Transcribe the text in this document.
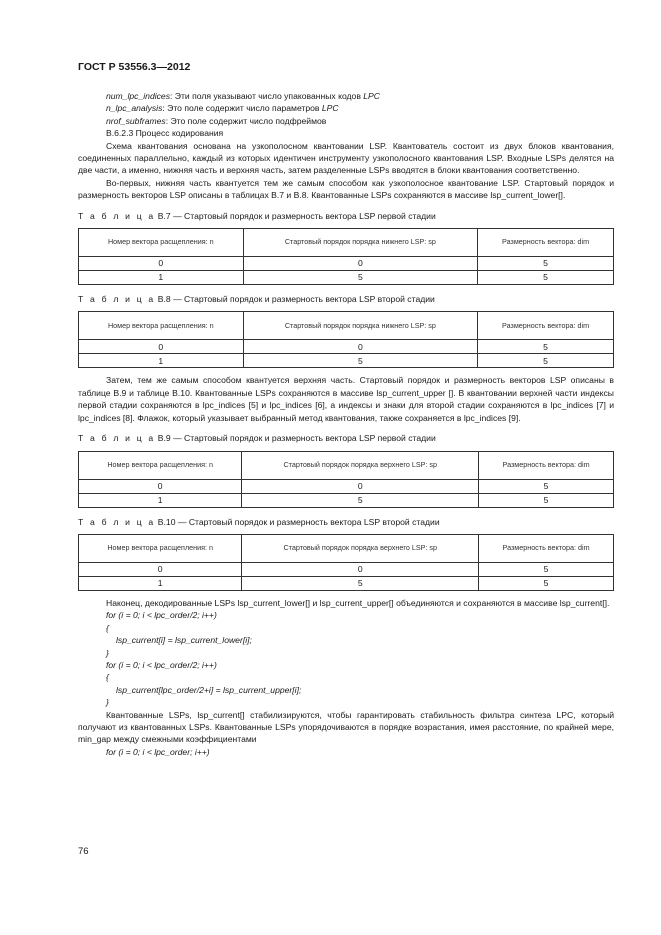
ГОСТ Р 53556.3—2012

num_lpc_indices: Эти поля указывают число упакованных кодов LPC

n_lpc_analysis: Это поле содержит число параметров LPC

nrof_subframes: Это поле содержит число подфреймов

B.6.2.3 Процесс кодирования

Схема квантования основана на узкополосном квантовании LSP. Квантователь состоит из двух блоков квантования, соединенных параллельно, каждый из которых идентичен инструменту узкополосного квантования LSP. Входные LSPs делятся на две части, а именно, нижняя часть и верхняя часть, затем разделенные LSPs вводятся в блоки квантования соответственно.

Во-первых, нижняя часть квантуется тем же самым способом как узкополосное квантование LSP. Стартовый порядок и размерность векторов LSP описаны в таблицах B.7 и B.8. Квантованные LSPs сохраняются в массиве lsp_current_lower[].

Т а б л и ц а B.7 — Стартовый порядок и размерность вектора LSP первой стадии

Номер вектора расщепления: n	Стартовый порядок порядка нижнего LSP: sp	Размерность вектора: dim
0	0	5
1	5	5

Т а б л и ц а B.8 — Стартовый порядок и размерность вектора LSP второй стадии

Номер вектора расщепления: n	Стартовый порядок порядка нижнего LSP: sp	Размерность вектора: dim
0	0	5
1	5	5

Затем, тем же самым способом квантуется верхняя часть. Стартовый порядок и размерность векторов LSP описаны в таблице B.9 и таблице B.10. Квантованные LSPs сохраняются в массиве lsp_current_upper []. В квантовании верхней части индексы первой стадии сохраняются в lpc_indices [5] и lpc_indices [6], а индексы и знаки для второй стадии сохраняются в lpc_indices [7] и lpc_indices [8]. Флажок, который указывает выбранный метод квантования, также сохраняется в lpc_indices [9].

Т а б л и ц а B.9 — Стартовый порядок и размерность вектора LSP первой стадии

Номер вектора расщепления: n	Стартовый порядок порядка верхнего LSP: sp	Размерность вектора: dim
0	0	5
1	5	5

Т а б л и ц а B.10 — Стартовый порядок и размерность вектора LSP второй стадии

Номер вектора расщепления: n	Стартовый порядок порядка верхнего LSP: sp	Размерность вектора: dim
0	0	5
1	5	5

Наконец, декодированные LSPs lsp_current_lower[] и lsp_current_upper[] объединяются и сохраняются в массиве lsp_current[].

for (i = 0; i < lpc_order/2; i++)

{

lsp_current[i] = lsp_current_lower[i];

}

for (i = 0; i < lpc_order/2; i++)

{

lsp_current[lpc_order/2+i] = lsp_current_upper[i];

}

Квантованные LSPs, lsp_current[] стабилизируются, чтобы гарантировать стабильность фильтра синтеза LPC, который получают из квантованных LSPs. Квантованные LSPs упорядочиваются в порядке возрастания, имея расстояние, по крайней мере, min_gap между смежными коэффициентами

for (i = 0; i < lpc_order; i++)

76
